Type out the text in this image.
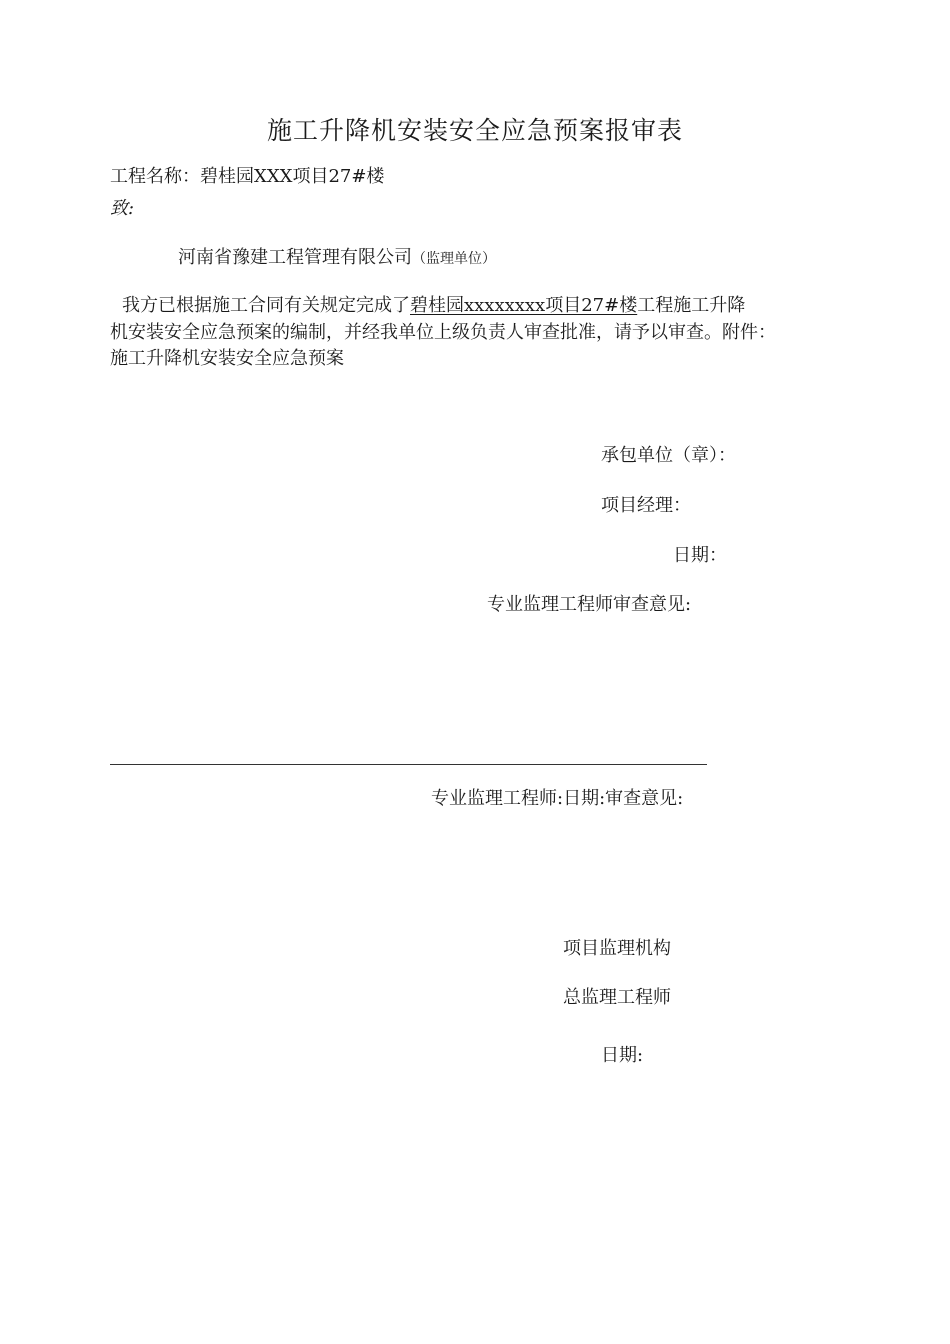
施工升降机安装安全应急预案报审表
工程名称：碧桂园XXX项目27#楼
致:
河南省豫建工程管理有限公司（监理单位）
我方已根据施工合同有关规定完成了碧桂园xxxxxxxx项目27#楼工程施工升降
机安装安全应急预案的编制，并经我单位上级负责人审查批准，请予以审查。附件：
施工升降机安装安全应急预案
承包单位（章）：
项目经理：
日期：
专业监理工程师审查意见:
专业监理工程师:日期:审查意见:
项目监理机构
总监理工程师
日期:
